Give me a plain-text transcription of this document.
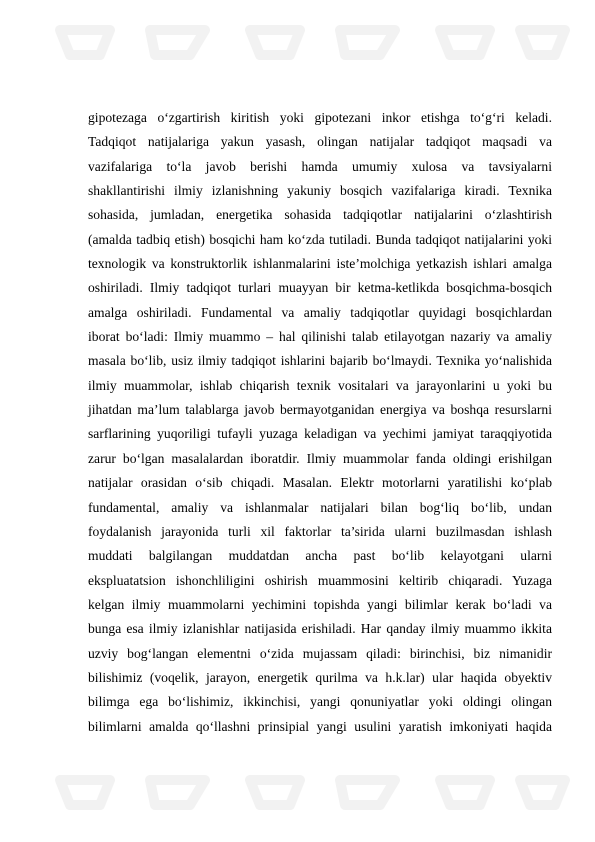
gipotezaga o‘zgartirish kiritish yoki gipotezani inkor etishga to‘g‘ri keladi.
Tadqiqot natijalariga yakun yasash, olingan natijalar tadqiqot maqsadi va
vazifalariga to‘la javob berishi hamda umumiy xulosa va tavsiyalarni
shakllantirishi ilmiy izlanishning yakuniy bosqich vazifalariga kiradi. Texnika
sohasida, jumladan, energetika sohasida tadqiqotlar natijalarini o‘zlashtirish
(amalda tadbiq etish) bosqichi ham ko‘zda tutiladi. Bunda tadqiqot natijalarini yoki
texnologik va konstruktorlik ishlanmalarini iste’molchiga yetkazish ishlari amalga
oshiriladi. Ilmiy tadqiqot turlari muayyan bir ketma-ketlikda bosqichma-bosqich
amalga oshiriladi. Fundamental va amaliy tadqiqotlar quyidagi bosqichlardan
iborat bo‘ladi: Ilmiy muammo – hal qilinishi talab etilayotgan nazariy va amaliy
masala bo‘lib, usiz ilmiy tadqiqot ishlarini bajarib bo‘lmaydi. Texnika yo‘nalishida
ilmiy muammolar, ishlab chiqarish texnik vositalari va jarayonlarini u yoki bu
jihatdan ma’lum talablarga javob bermayotganidan energiya va boshqa resurslarni
sarflarining yuqoriligi tufayli yuzaga keladigan va yechimi jamiyat taraqqiyotida
zarur bo‘lgan masalalardan iboratdir. Ilmiy muammolar fanda oldingi erishilgan
natijalar orasidan o‘sib chiqadi. Masalan. Elektr motorlarni yaratilishi ko‘plab
fundamental, amaliy va ishlanmalar natijalari bilan bog‘liq bo‘lib, undan
foydalanish jarayonida turli xil faktorlar ta’sirida ularni buzilmasdan ishlash
muddati balgilangan muddatdan ancha past bo‘lib kelayotgani ularni
ekspluatatsion ishonchliligini oshirish muammosini keltirib chiqaradi. Yuzaga
kelgan ilmiy muammolarni yechimini topishda yangi bilimlar kerak bo‘ladi va
bunga esa ilmiy izlanishlar natijasida erishiladi. Har qanday ilmiy muammo ikkita
uzviy bog‘langan elementni o‘zida mujassam qiladi: birinchisi, biz nimanidir
bilishimiz (voqelik, jarayon, energetik qurilma va h.k.lar) ular haqida obyektiv
bilimga ega bo‘lishimiz, ikkinchisi, yangi qonuniyatlar yoki oldingi olingan
bilimlarni amalda qo‘llashni prinsipial yangi usulini yaratish imkoniyati haqida
